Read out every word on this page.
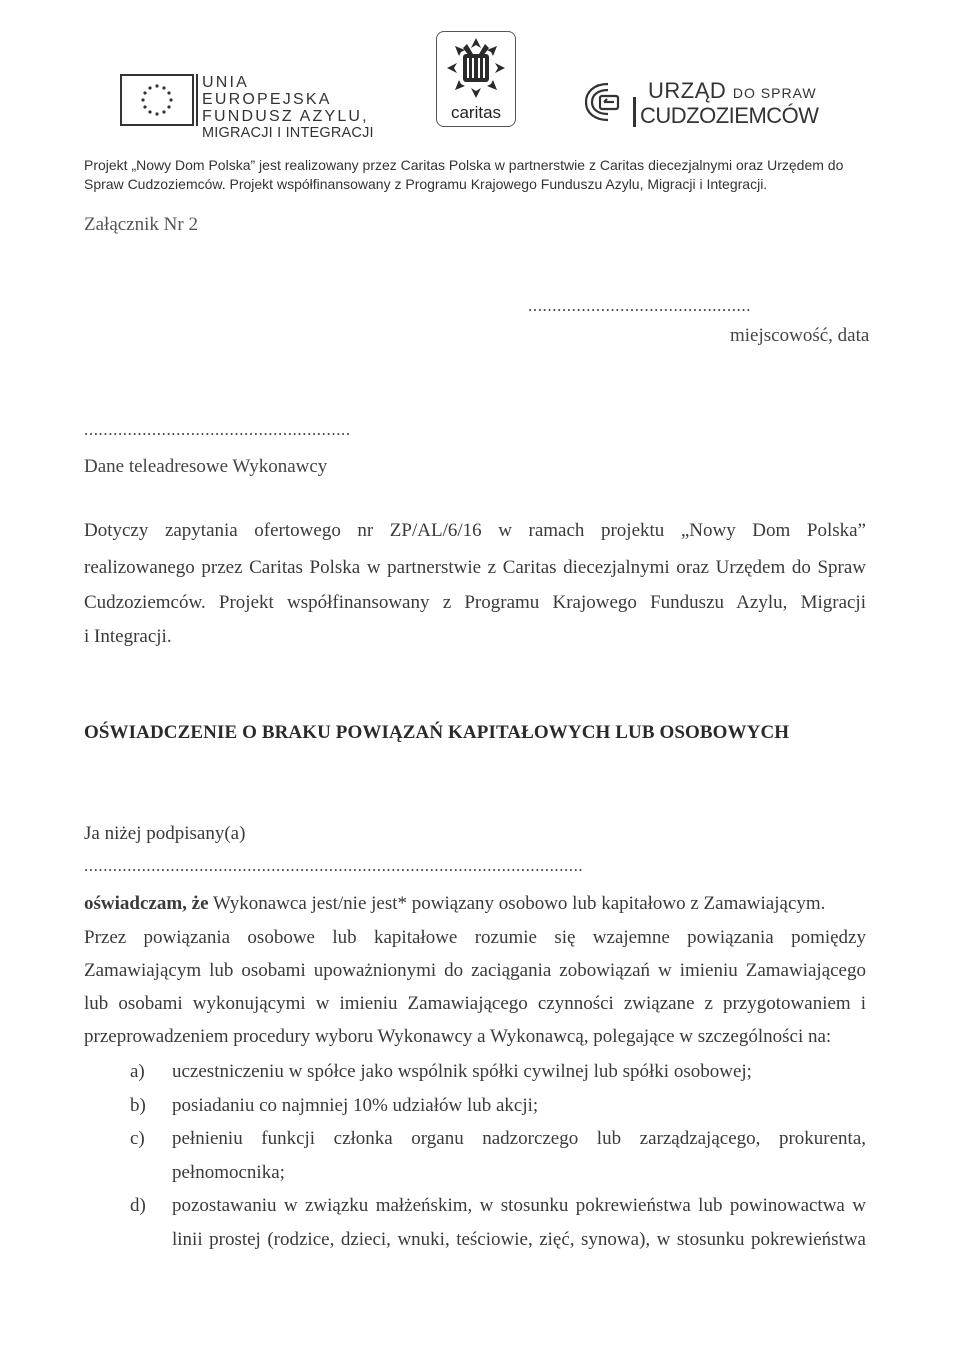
UNIA EUROPEJSKA
FUNDUSZ AZYLU,
MIGRACJI I INTEGRACJI
caritas
URZĄD DO SPRAW
CUDZOZIEMCÓW
Projekt „Nowy Dom Polska” jest realizowany przez Caritas Polska w partnerstwie z Caritas diecezjalnymi oraz Urzędem do Spraw Cudzoziemców. Projekt współfinansowany z Programu Krajowego Funduszu Azylu, Migracji i Integracji.
Załącznik Nr 2
..............................................
miejscowość, data
.......................................................
Dane teleadresowe Wykonawcy
Dotyczy zapytania ofertowego nr ZP/AL/6/16 w ramach projektu „Nowy Dom Polska”
realizowanego przez Caritas Polska w partnerstwie z Caritas diecezjalnymi oraz Urzędem do Spraw
Cudzoziemców. Projekt współfinansowany z Programu Krajowego Funduszu Azylu, Migracji
i Integracji.
OŚWIADCZENIE O BRAKU POWIĄZAŃ KAPITAŁOWYCH LUB OSOBOWYCH
Ja niżej podpisany(a)
........................................................................................................
oświadczam, że Wykonawca jest/nie jest* powiązany osobowo lub kapitałowo z Zamawiającym.
Przez powiązania osobowe lub kapitałowe rozumie się wzajemne powiązania pomiędzy
Zamawiającym lub osobami upoważnionymi do zaciągania zobowiązań w imieniu Zamawiającego
lub osobami wykonującymi w imieniu Zamawiającego czynności związane z przygotowaniem i
przeprowadzeniem procedury wyboru Wykonawcy a Wykonawcą, polegające w szczególności na:
a) uczestniczeniu w spółce jako wspólnik spółki cywilnej lub spółki osobowej;
b) posiadaniu co najmniej 10% udziałów lub akcji;
c) pełnieniu funkcji członka organu nadzorczego lub zarządzającego, prokurenta,
pełnomocnika;
d) pozostawaniu w związku małżeńskim, w stosunku pokrewieństwa lub powinowactwa w
linii prostej (rodzice, dzieci, wnuki, teściowie, zięć, synowa), w stosunku pokrewieństwa
